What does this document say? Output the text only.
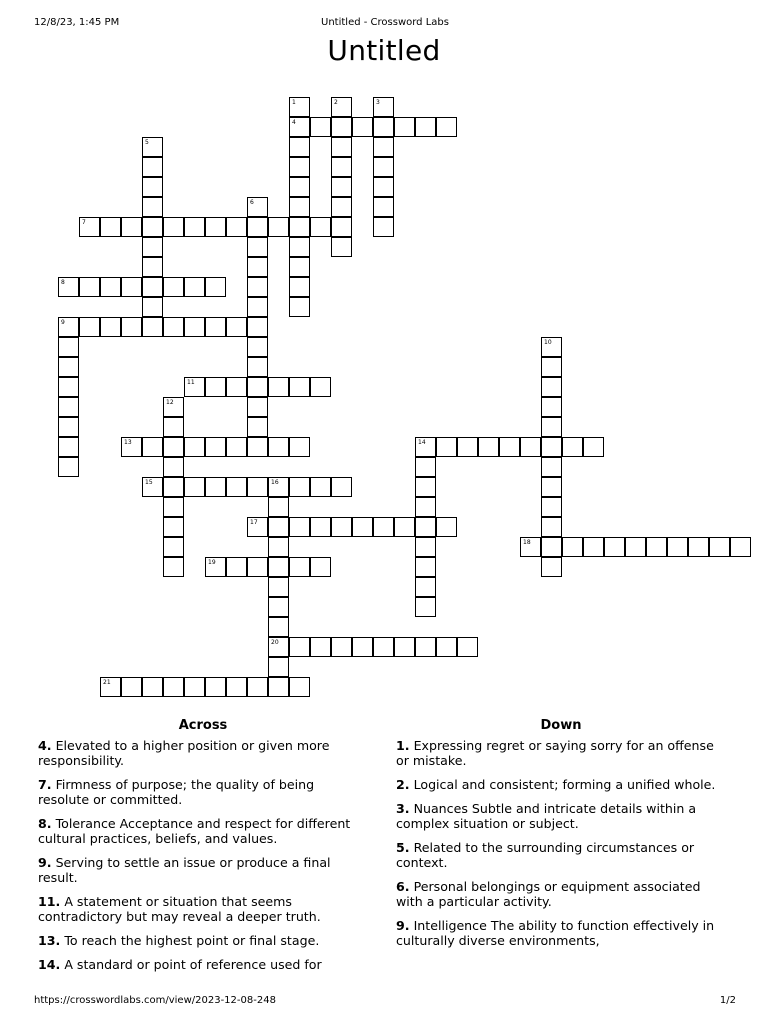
12/8/23, 1:45 PM	Untitled - Crossword Labs
Untitled
1
4
2	3
5
6
7
8
9
10
11
12
13	14
15	16
20
17
18
19
21
Across

4. Elevated to a higher position or given more responsibility.

7. Firmness of purpose; the quality of being resolute or committed.

8. Tolerance Acceptance and respect for different cultural practices, beliefs, and values.

9. Serving to settle an issue or produce a final result.

11. A statement or situation that seems contradictory but may reveal a deeper truth.

13. To reach the highest point or final stage.

14. A standard or point of reference used for

Down

1. Expressing regret or saying sorry for an offense or mistake.

2. Logical and consistent; forming a unified whole.

3. Nuances Subtle and intricate details within a complex situation or subject.

5. Related to the surrounding circumstances or context.

6. Personal belongings or equipment associated with a particular activity.

9. Intelligence The ability to function effectively in culturally diverse environments,

https://crosswordlabs.com/view/2023-12-08-248	1/2
